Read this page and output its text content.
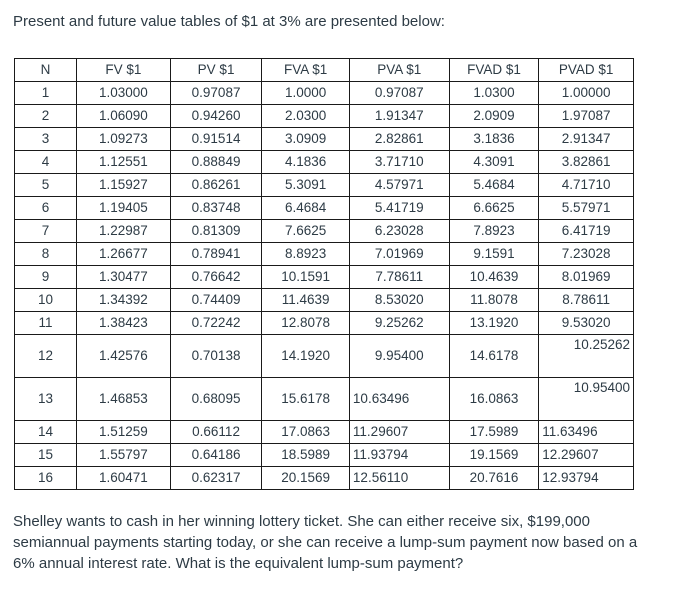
Present and future value tables of $1 at 3% are presented below:

N	FV $1	PV $1	FVA $1	PVA $1	FVAD $1	PVAD $1
1	1.03000	0.97087	1.0000	0.97087	1.0300	1.00000
2	1.06090	0.94260	2.0300	1.91347	2.0909	1.97087
3	1.09273	0.91514	3.0909	2.82861	3.1836	2.91347
4	1.12551	0.88849	4.1836	3.71710	4.3091	3.82861
5	1.15927	0.86261	5.3091	4.57971	5.4684	4.71710
6	1.19405	0.83748	6.4684	5.41719	6.6625	5.57971
7	1.22987	0.81309	7.6625	6.23028	7.8923	6.41719
8	1.26677	0.78941	8.8923	7.01969	9.1591	7.23028
9	1.30477	0.76642	10.1591	7.78611	10.4639	8.01969
10	1.34392	0.74409	11.4639	8.53020	11.8078	8.78611
11	1.38423	0.72242	12.8078	9.25262	13.1920	9.53020
12	1.42576	0.70138	14.1920	9.95400	14.6178	10.25262
13	1.46853	0.68095	15.6178	10.63496	16.0863	10.95400
14	1.51259	0.66112	17.0863	11.29607	17.5989	11.63496
15	1.55797	0.64186	18.5989	11.93794	19.1569	12.29607
16	1.60471	0.62317	20.1569	12.56110	20.7616	12.93794

Shelley wants to cash in her winning lottery ticket. She can either receive six, $199,000 semiannual payments starting today, or she can receive a lump-sum payment now based on a 6% annual interest rate. What is the equivalent lump-sum payment?
